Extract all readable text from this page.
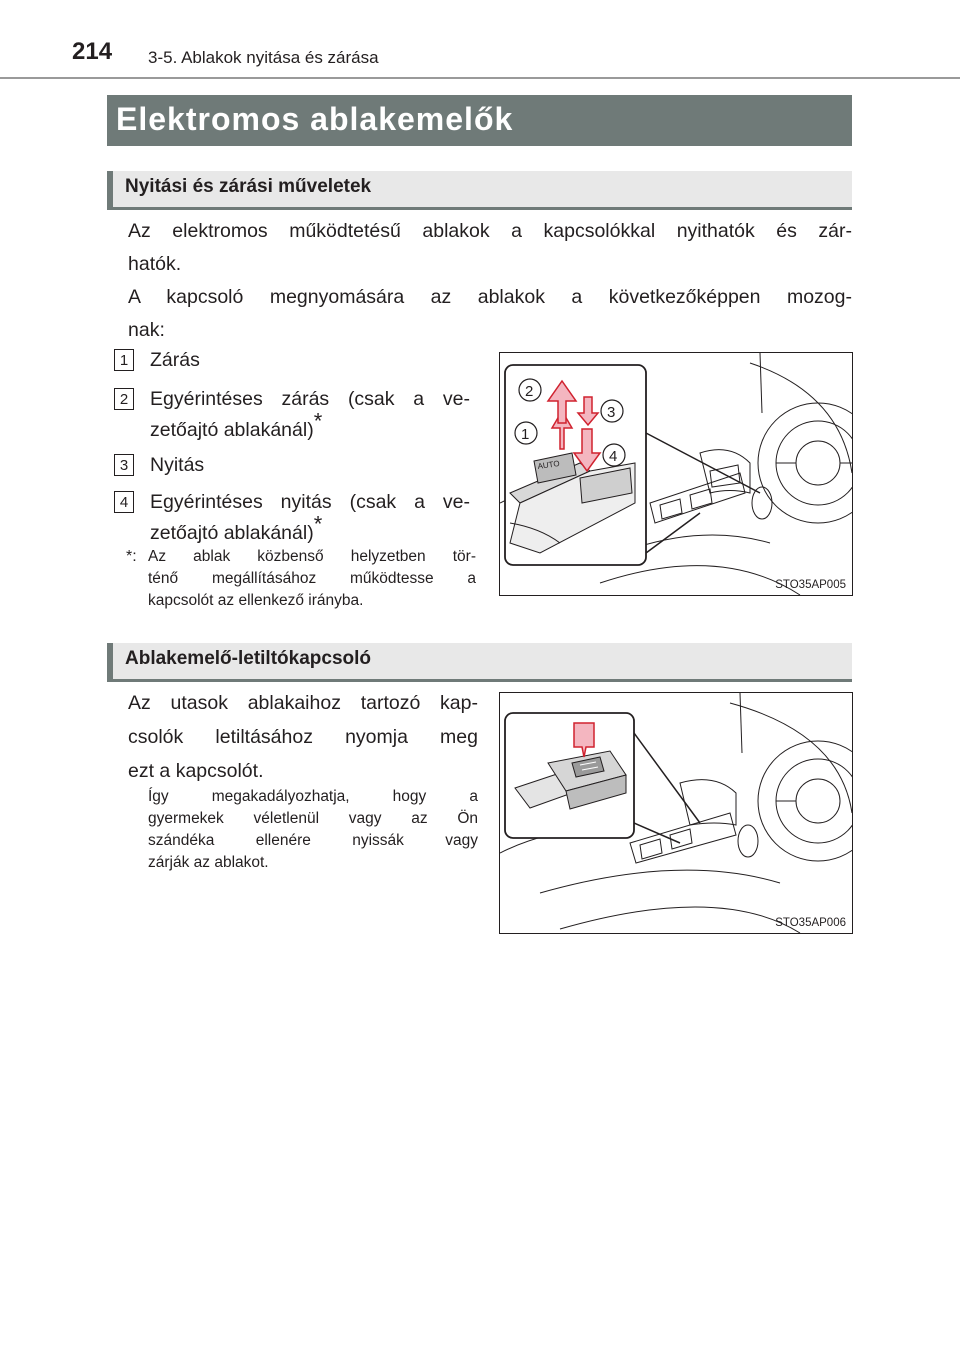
214 3-5. Ablakok nyitása és zárása
Elektromos ablakemelők
Nyitási és zárási műveletek
Az elektromos működtetésű ablakok a kapcsolókkal nyithatók és zár-
hatók.
A kapcsoló megnyomására az ablakok a következőképpen mozog-
nak:
1 Zárás
2 Egyérintéses zárás (csak a ve-
zetőajtó ablakánál)*
3 Nyitás
4 Egyérintéses nyitás (csak a ve-
zetőajtó ablakánál)*
*: Az ablak közbenső helyzetben tör-
ténő megállításához működtesse a
kapcsolót az ellenkező irányba.
AUTO
1
2
3
4
STO35AP005
Ablakemelő-letiltókapcsoló
Az utasok ablakaihoz tartozó kap-
csolók letiltásához nyomja meg
ezt a kapcsolót.
Így megakadályozhatja, hogy a
gyermekek véletlenül vagy az Ön
szándéka ellenére nyissák vagy
zárják az ablakot.
STO35AP006
